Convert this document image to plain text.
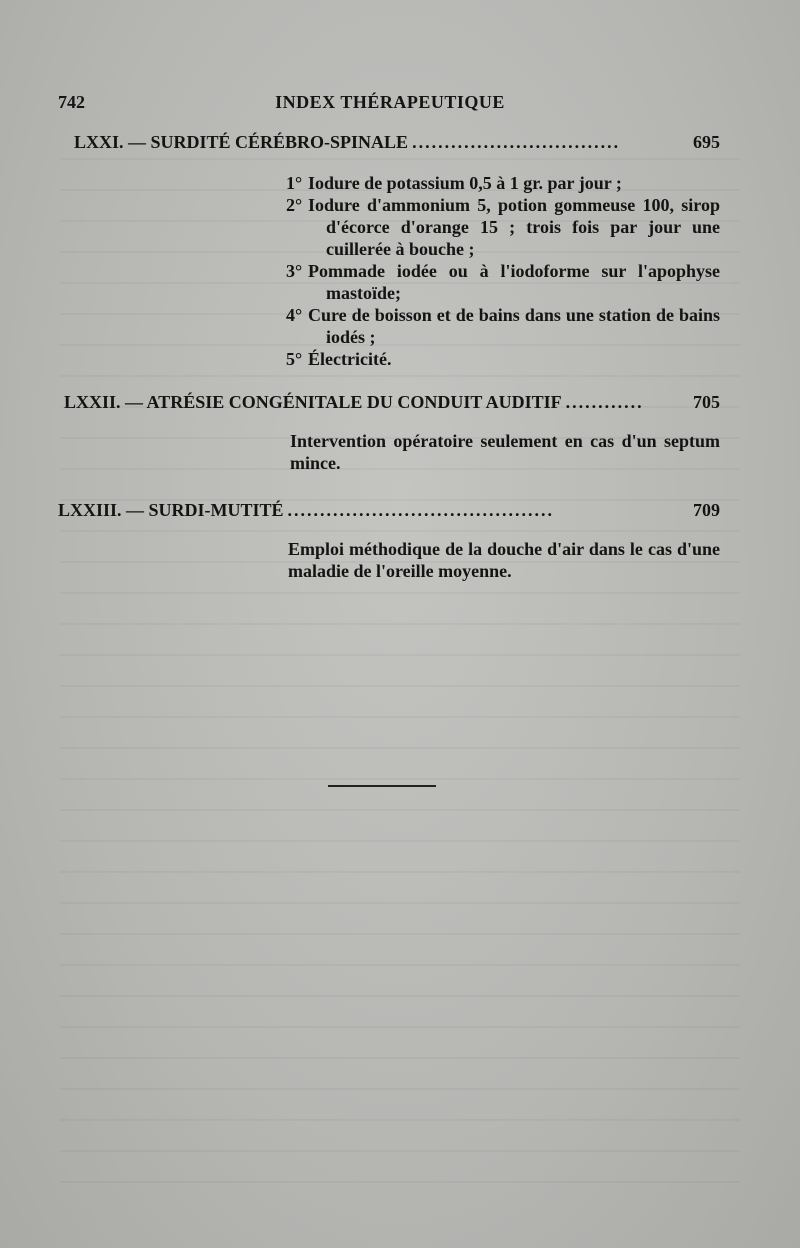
742	INDEX THÉRAPEUTIQUE
LXXI. — SURDITÉ CÉRÉBRO-SPINALE ................................	695
1° Iodure de potassium 0,5 à 1 gr. par jour ;
2° Iodure d'ammonium 5, potion gommeuse 100, sirop d'écorce d'orange 15 ; trois fois par jour une cuillerée à bouche ;
3° Pommade iodée ou à l'iodoforme sur l'apophyse mastoïde;
4° Cure de boisson et de bains dans une station de bains iodés ;
5° Électricité.
LXXII. — ATRÉSIE CONGÉNITALE DU CONDUIT AUDITIF ............	705

Intervention opératoire seulement en cas d'un septum mince.

LXXIII. — SURDI-MUTITÉ .........................................	709

Emploi méthodique de la douche d'air dans le cas d'une maladie de l'oreille moyenne.
